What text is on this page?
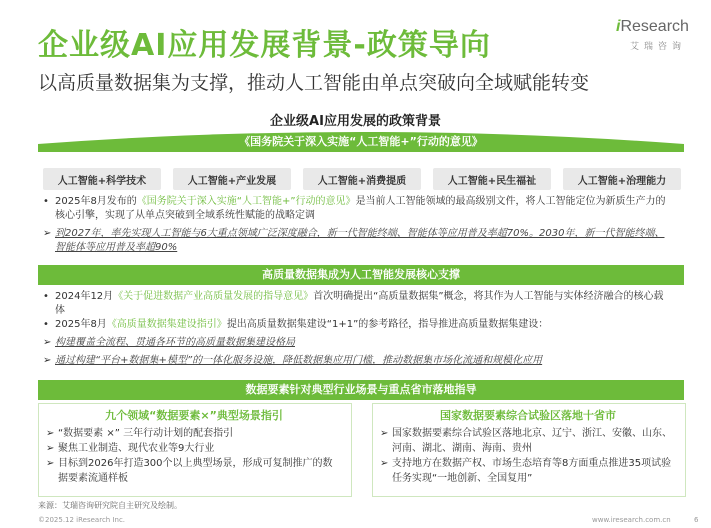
企业级AI应用发展背景-政策导向
iResearch
艾瑞咨询
以高质量数据集为支撑，推动人工智能由单点突破向全域赋能转变
企业级AI应用发展的政策背景
《国务院关于深入实施“人工智能+”行动的意见》
人工智能+科学技术	人工智能+产业发展	人工智能+消费提质	人工智能+民生福祉	人工智能+治理能力
• 2025年8月发布的《国务院关于深入实施“人工智能+”行动的意见》是当前人工智能领域的最高级别文件，将人工智能定位为新质生产力的核心引擎，实现了从单点突破到全域系统性赋能的战略定调
➢ 到2027年，率先实现人工智能与6大重点领域广泛深度融合，新一代智能终端、智能体等应用普及率超70%。2030年，新一代智能终端、智能体等应用普及率超90%
高质量数据集成为人工智能发展核心支撑
• 2024年12月《关于促进数据产业高质量发展的指导意见》首次明确提出“高质量数据集”概念，将其作为人工智能与实体经济融合的核心载体
• 2025年8月《高质量数据集建设指引》提出高质量数据集建设“1+1”的参考路径，指导推进高质量数据集建设：
➢ 构建覆盖全流程、贯通各环节的高质量数据集建设格局
➢ 通过构建“平台+数据集+模型”的一体化服务设施，降低数据集应用门槛，推动数据集市场化流通和规模化应用
数据要素针对典型行业场景与重点省市落地指导
九个领域“数据要素×”典型场景指引	国家数据要素综合试验区落地十省市
➢ “数据要素 ×” 三年行动计划的配套指引
➢ 聚焦工业制造、现代农业等9大行业
➢ 目标到2026年打造300个以上典型场景，形成可复制推广的数据要素流通样板
➢ 国家数据要素综合试验区落地北京、辽宁、浙江、安徽、山东、河南、湖北、湖南、海南、贵州
➢ 支持地方在数据产权、市场生态培育等8方面重点推进35项试验任务实现“一地创新、全国复用”
来源：艾瑞咨询研究院自主研究及绘制。
©2025.12 iResearch Inc.	www.iresearch.com.cn	6
